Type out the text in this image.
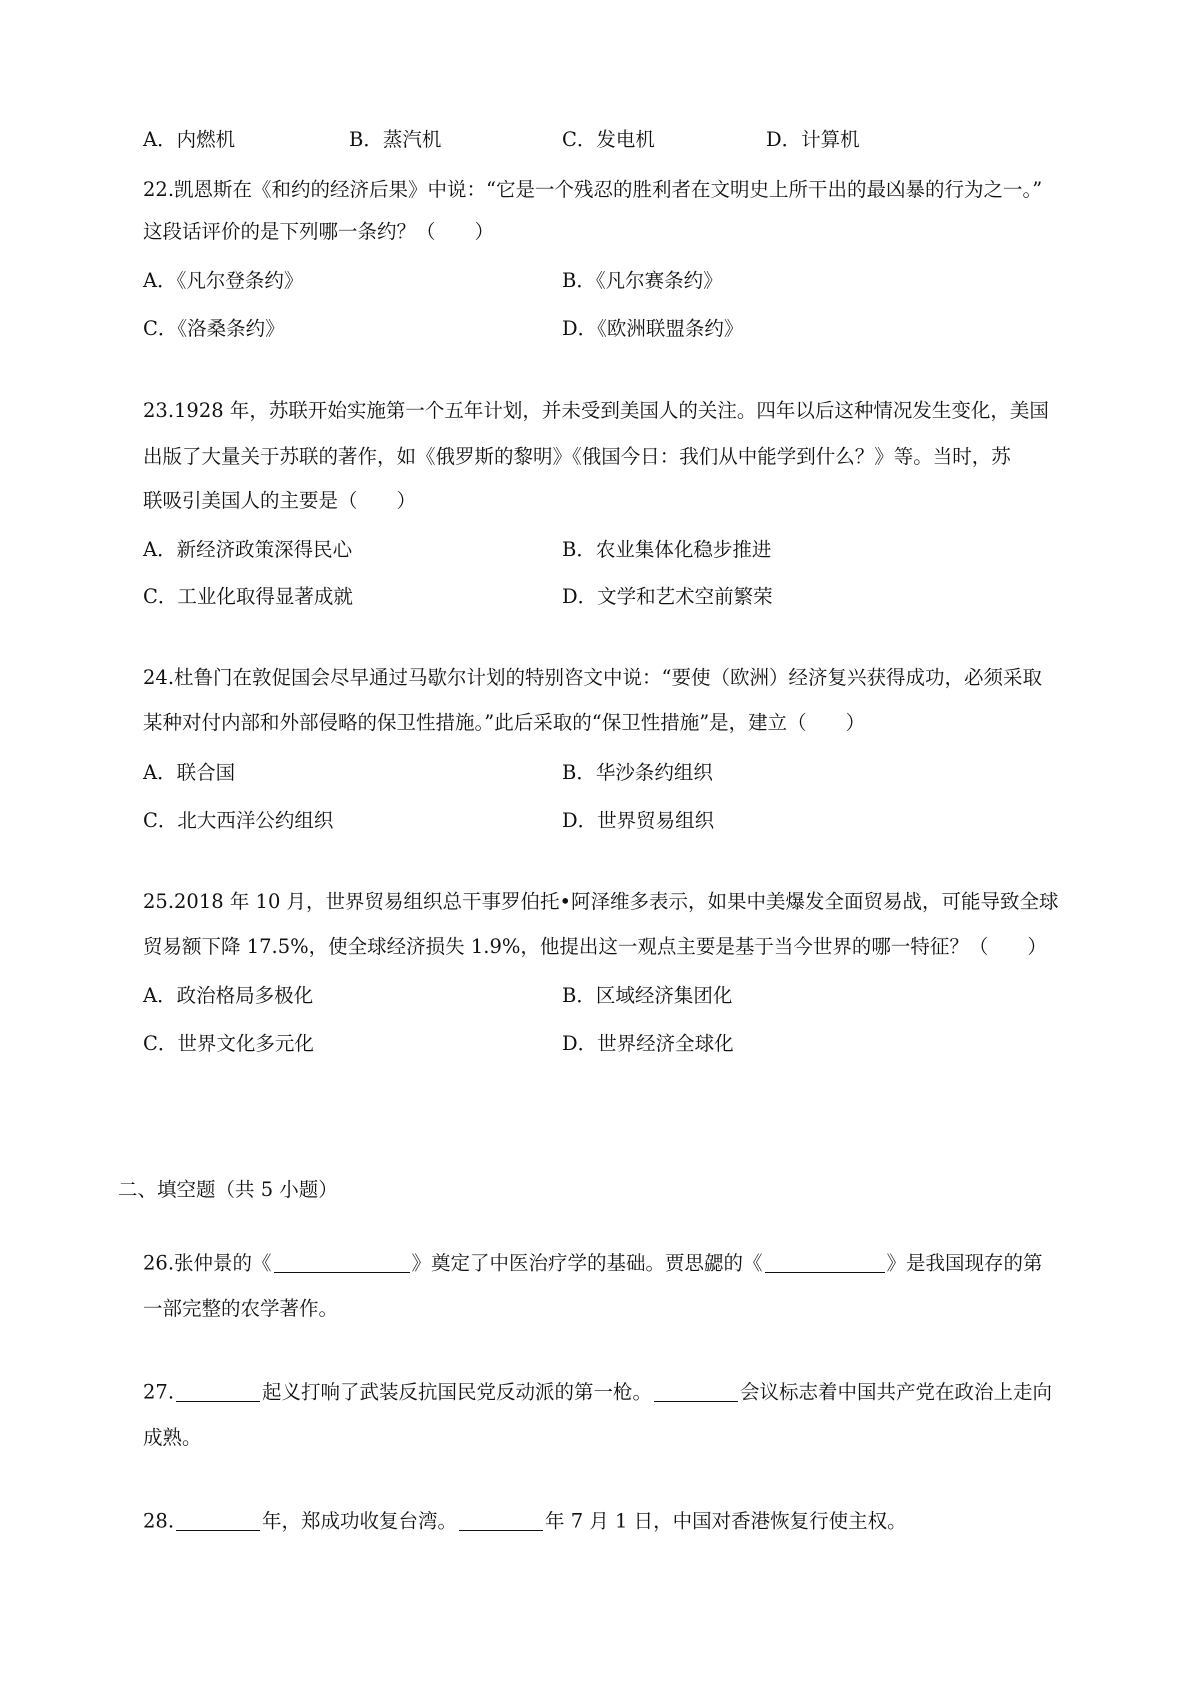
A．内燃机	B．蒸汽机	C．发电机	D．计算机
22.凯恩斯在《和约的经济后果》中说：“它是一个残忍的胜利者在文明史上所干出的最凶暴的行为之一。”
这段话评价的是下列哪一条约？（　　）
A．《凡尔登条约》	B．《凡尔赛条约》
C．《洛桑条约》	D．《欧洲联盟条约》
23.1928 年，苏联开始实施第一个五年计划，并未受到美国人的关注。四年以后这种情况发生变化，美国
出版了大量关于苏联的著作，如《俄罗斯的黎明》《俄国今日：我们从中能学到什么？》等。当时，苏
联吸引美国人的主要是（　　）
A．新经济政策深得民心	B．农业集体化稳步推进
C．工业化取得显著成就	D．文学和艺术空前繁荣
24.杜鲁门在敦促国会尽早通过马歇尔计划的特别咨文中说：“要使（欧洲）经济复兴获得成功，必须采取
某种对付内部和外部侵略的保卫性措施。”此后采取的“保卫性措施”是，建立（　　）
A．联合国	B．华沙条约组织
C．北大西洋公约组织	D．世界贸易组织
25.2018 年 10 月，世界贸易组织总干事罗伯托•阿泽维多表示，如果中美爆发全面贸易战，可能导致全球
贸易额下降 17.5%，使全球经济损失 1.9%，他提出这一观点主要是基于当今世界的哪一特征？（　　）
A．政治格局多极化	B．区域经济集团化
C．世界文化多元化	D．世界经济全球化
二、填空题（共 5 小题）
26.张仲景的《	》奠定了中医治疗学的基础。贾思勰的《	》是我国现存的第
一部完整的农学著作。
27.	起义打响了武装反抗国民党反动派的第一枪。	会议标志着中国共产党在政治上走向
成熟。
28.	年，郑成功收复台湾。	年 7 月 1 日，中国对香港恢复行使主权。
